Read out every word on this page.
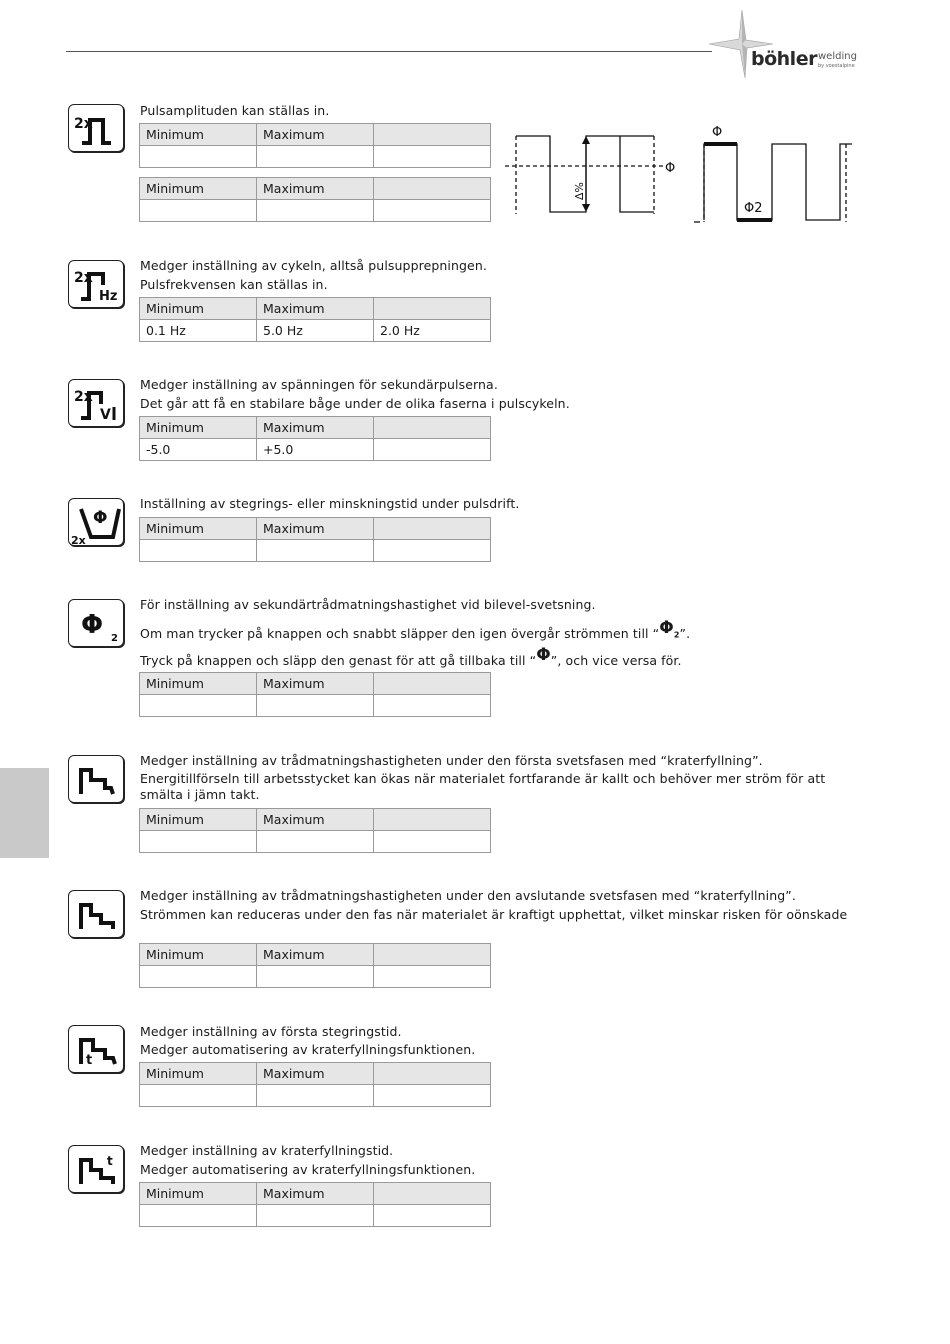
böhler welding
by voestalpine
2x
Pulsamplituden kan ställas in.
Minimum	Maximum	

Minimum	Maximum	
			∆%
Φ
Φ
Φ2
2x
Hz
Medger inställning av cykeln, alltså pulsupprepningen.
Pulsfrekvensen kan ställas in.
Minimum	Maximum	
0.1 Hz	5.0 Hz	2.0 Hz
2x
V
Medger inställning av spänningen för sekundärpulserna.
Det går att få en stabilare båge under de olika faserna i pulscykeln.
Minimum	Maximum	
-5.0	+5.0	
Φ
2x
Inställning av stegrings- eller minskningstid under pulsdrift.
Minimum	Maximum	

Φ 2
För inställning av sekundärtrådmatningshastighet vid bilevel-svetsning.
Om man trycker på knappen och snabbt släpper den igen övergår strömmen till “$\Phi_2$”.
Tryck på knappen och släpp den genast för att gå tillbaka till “Φ”, och vice versa för.
Minimum	Maximum	

Medger inställning av trådmatningshastigheten under den första svetsfasen med “kraterfyllning”.
Energitillförseln till arbetsstycket kan ökas när materialet fortfarande är kallt och behöver mer ström för att smälta i jämn takt.
Minimum	Maximum	

Medger inställning av trådmatningshastigheten under den avslutande svetsfasen med “kraterfyllning”.
Strömmen kan reduceras under den fas när materialet är kraftigt upphettat, vilket minskar risken för oönskade
Minimum	Maximum	

t
Medger inställning av första stegringstid.
Medger automatisering av kraterfyllningsfunktionen.
Minimum	Maximum	

t
Medger inställning av kraterfyllningstid.
Medger automatisering av kraterfyllningsfunktionen.
Minimum	Maximum	
